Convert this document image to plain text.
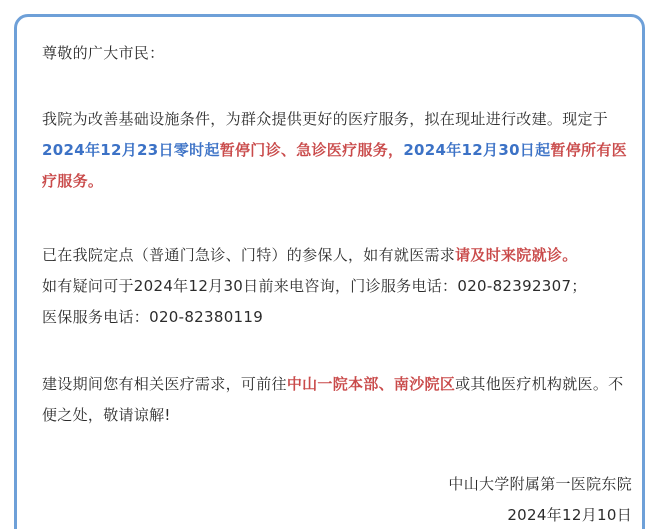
尊敬的广大市民：
我院为改善基础设施条件，为群众提供更好的医疗服务，拟在现址进行改建。现定于2024年12月23日零时起暂停门诊、急诊医疗服务，2024年12月30日起暂停所有医疗服务。
已在我院定点（普通门急诊、门特）的参保人，如有就医需求请及时来院就诊。
如有疑问可于2024年12月30日前来电咨询，门诊服务电话：020-82392307；
医保服务电话：020-82380119
建设期间您有相关医疗需求，可前往中山一院本部、南沙院区或其他医疗机构就医。不便之处，敬请谅解!
中山大学附属第一医院东院
2024年12月10日
